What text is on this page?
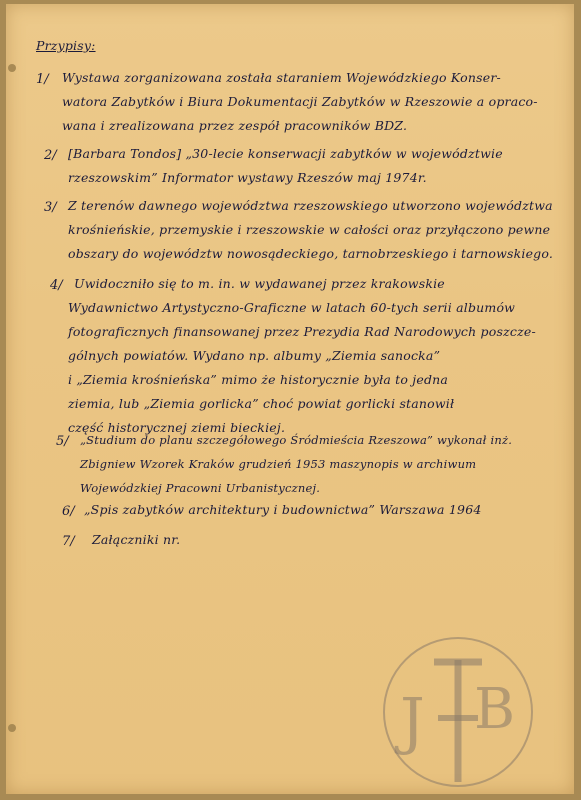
Przypisy:
1/ Wystawa zorganizowana została staraniem Wojewódzkiego Konser-
watora Zabytków i Biura Dokumentacji Zabytków w Rzeszowie a opraco-
wana i zrealizowana przez zespół pracowników BDZ.
2/ [Barbara Tondos] „30-lecie konserwacji zabytków w województwie
rzeszowskim” Informator wystawy Rzeszów maj 1974r.
3/ Z terenów dawnego województwa rzeszowskiego utworzono województwa
krośnieńskie, przemyskie i rzeszowskie w całości oraz przyłączono pewne
obszary do województw nowosądeckiego, tarnobrzeskiego i tarnowskiego.
4/ Uwidoczniło się to m. in. w wydawanej przez krakowskie
Wydawnictwo Artystyczno-Graficzne w latach 60-tych serii albumów
fotograficznych finansowanej przez Prezydia Rad Narodowych poszcze-
gólnych powiatów. Wydano np. albumy „Ziemia sanocka”
i „Ziemia krośnieńska” mimo że historycznie była to jedna
ziemia, lub „Ziemia gorlicka” choć powiat gorlicki stanowił
część historycznej ziemi bieckiej.
5/ „Studium do planu szczegółowego Śródmieścia Rzeszowa” wykonał inż.
Zbigniew Wzorek Kraków grudzień 1953 maszynopis w archiwum
Wojewódzkiej Pracowni Urbanistycznej.
6/ „Spis zabytków architektury i budownictwa” Warszawa 1964
7/ Załączniki nr.
J B
